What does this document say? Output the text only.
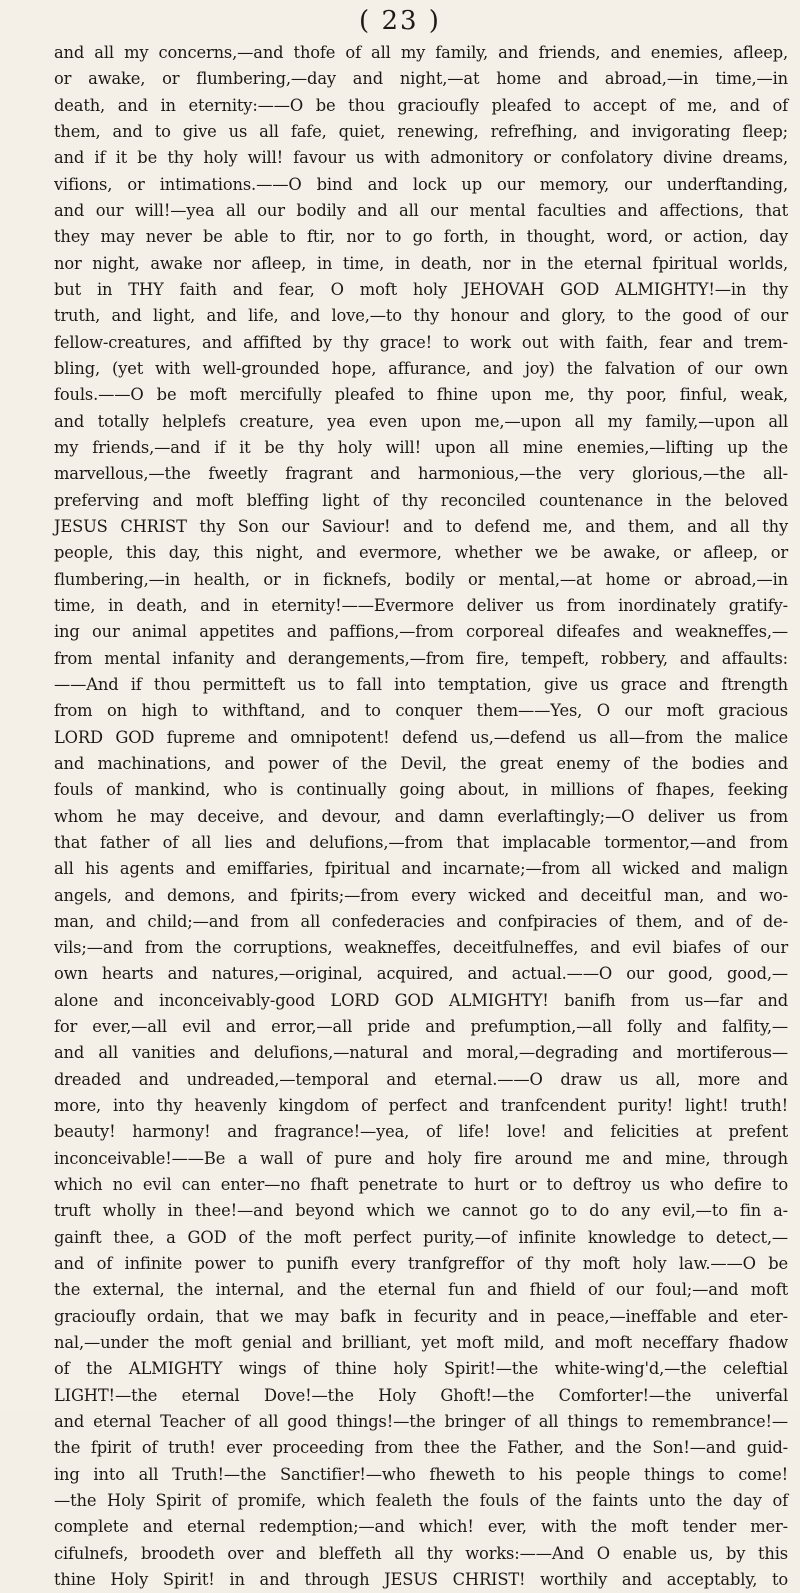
( 23 )
and all my concerns,—and thofe of all my family, and friends, and enemies, afleep,
or awake, or flumbering,—day and night,—at home and abroad,—in time,—in
death, and in eternity:——O be thou gracioufly pleafed to accept of me, and of
them, and to give us all fafe, quiet, renewing, refrefhing, and invigorating fleep;
and if it be thy holy will! favour us with admonitory or confolatory divine dreams,
vifions, or intimations.——O bind and lock up our memory, our underftanding,
and our will!—yea all our bodily and all our mental faculties and affections, that
they may never be able to ftir, nor to go forth, in thought, word, or action, day
nor night, awake nor afleep, in time, in death, nor in the eternal fpiritual worlds,
but in THY faith and fear, O moft holy JEHOVAH GOD ALMIGHTY!—in thy
truth, and light, and life, and love,—to thy honour and glory, to the good of our
fellow-creatures, and affifted by thy grace! to work out with faith, fear and trem-
bling, (yet with well-grounded hope, affurance, and joy) the falvation of our own
fouls.——O be moft mercifully pleafed to fhine upon me, thy poor, finful, weak,
and totally helplefs creature, yea even upon me,—upon all my family,—upon all
my friends,—and if it be thy holy will! upon all mine enemies,—lifting up the
marvellous,—the fweetly fragrant and harmonious,—the very glorious,—the all-
preferving and moft bleffing light of thy reconciled countenance in the beloved
JESUS CHRIST thy Son our Saviour! and to defend me, and them, and all thy
people, this day, this night, and evermore, whether we be awake, or afleep, or
flumbering,—in health, or in ficknefs, bodily or mental,—at home or abroad,—in
time, in death, and in eternity!——Evermore deliver us from inordinately gratify-
ing our animal appetites and paffions,—from corporeal difeafes and weakneffes,—
from mental infanity and derangements,—from fire, tempeft, robbery, and affaults:
——And if thou permitteft us to fall into temptation, give us grace and ftrength
from on high to withftand, and to conquer them——Yes, O our moft gracious
LORD GOD fupreme and omnipotent! defend us,—defend us all—from the malice
and machinations, and power of the Devil, the great enemy of the bodies and
fouls of mankind, who is continually going about, in millions of fhapes, feeking
whom he may deceive, and devour, and damn everlaftingly;—O deliver us from
that father of all lies and delufions,—from that implacable tormentor,—and from
all his agents and emiffaries, fpiritual and incarnate;—from all wicked and malign
angels, and demons, and fpirits;—from every wicked and deceitful man, and wo-
man, and child;—and from all confederacies and confpiracies of them, and of de-
vils;—and from the corruptions, weakneffes, deceitfulneffes, and evil biafes of our
own hearts and natures,—original, acquired, and actual.——O our good, good,—
alone and inconceivably-good LORD GOD ALMIGHTY! banifh from us—far and
for ever,—all evil and error,—all pride and prefumption,—all folly and falfity,—
and all vanities and delufions,—natural and moral,—degrading and mortiferous—
dreaded and undreaded,—temporal and eternal.——O draw us all, more and
more, into thy heavenly kingdom of perfect and tranfcendent purity! light! truth!
beauty! harmony! and fragrance!—yea, of life! love! and felicities at prefent
inconceivable!——Be a wall of pure and holy fire around me and mine, through
which no evil can enter—no fhaft penetrate to hurt or to deftroy us who defire to
truft wholly in thee!—and beyond which we cannot go to do any evil,—to fin a-
gainft thee, a GOD of the moft perfect purity,—of infinite knowledge to detect,—
and of infinite power to punifh every tranfgreffor of thy moft holy law.——O be
the external, the internal, and the eternal fun and fhield of our foul;—and moft
gracioufly ordain, that we may bafk in fecurity and in peace,—ineffable and eter-
nal,—under the moft genial and brilliant, yet moft mild, and moft neceffary fhadow
of the ALMIGHTY wings of thine holy Spirit!—the white-wing'd,—the celeftial
LIGHT!—the eternal Dove!—the Holy Ghoft!—the Comforter!—the univerfal
and eternal Teacher of all good things!—the bringer of all things to remembrance!—
the fpirit of truth! ever proceeding from thee the Father, and the Son!—and guid-
ing into all Truth!—the Sanctifier!—who fheweth to his people things to come!
—the Holy Spirit of promife, which fealeth the fouls of the faints unto the day of
complete and eternal redemption;—and which! ever, with the moft tender mer-
cifulnefs, broodeth over and bleffeth all thy works:——And O enable us, by this
thine Holy Spirit! in and through JESUS CHRIST! worthily and acceptably, to
